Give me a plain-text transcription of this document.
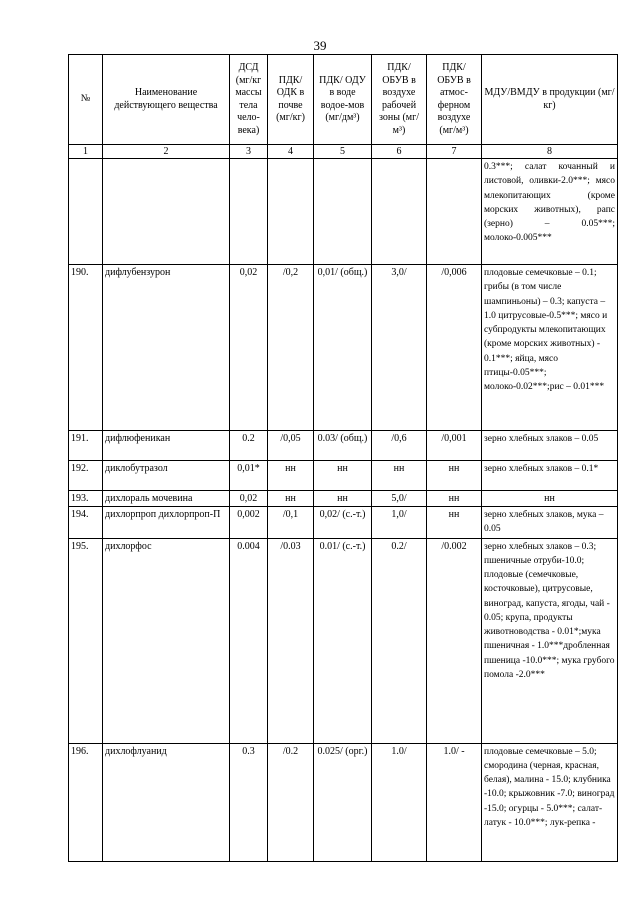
39
№	Наименование действующего вещества	ДСД (мг/кг массы тела чело-века)	ПДК/ ОДК в почве (мг/кг)	ПДК/ ОДУ в воде водое-мов (мг/дм³)	ПДК/ ОБУВ в воздухе рабочей зоны (мг/м³)	ПДК/ ОБУВ в атмос-ферном воздухе (мг/м³)	МДУ/ВМДУ в продукции (мг/кг)
1	2	3	4	5	6	7	8
							0.3***; салат кочанный и листовой, оливки-2.0***; мясо млекопитающих (кроме морских животных), рапс (зерно) – 0.05***; молоко-0.005***
190.	дифлубензурон	0,02	/0,2	0,01/ (общ.)	3,0/	/0,006	плодовые семечковые – 0.1; грибы (в том числе шампиньоны) – 0.3; капуста – 1.0 цитрусовые-0.5***; мясо и субпродукты млекопитающих (кроме морских животных) - 0.1***; яйца, мясо птицы-0.05***; молоко-0.02***;рис – 0.01***
191.	дифлюфеникан	0.2	/0,05	0.03/ (общ.)	/0,6	/0,001	зерно хлебных злаков – 0.05
192.	диклобутразол	0,01*	нн	нн	нн	нн	зерно хлебных злаков – 0.1*
193.	дихлораль мочевина	0,02	нн	нн	5,0/	нн	нн
194.	дихлорпроп дихлорпроп-П	0,002	/0,1	0,02/ (с.-т.)	1,0/	нн	зерно хлебных злаков, мука – 0.05
195.	дихлорфос	0.004	/0.03	0.01/ (с.-т.)	0.2/	/0.002	зерно хлебных злаков – 0.3; пшеничные отруби-10.0; плодовые (семечковые, косточковые), цитрусовые, виноград, капуста, ягоды, чай - 0.05; крупа, продукты животноводства - 0.01*;мука пшеничная - 1.0***дробленная пшеница -10.0***; мука грубого помола -2.0***
196.	дихлофлуанид	0.3	/0.2	0.025/ (орг.)	1.0/	1.0/ -	плодовые семечковые – 5.0; смородина (черная, красная, белая), малина - 15.0; клубника -10.0; крыжовник -7.0; виноград -15.0; огурцы - 5.0***; салат-латук - 10.0***; лук-репка -
